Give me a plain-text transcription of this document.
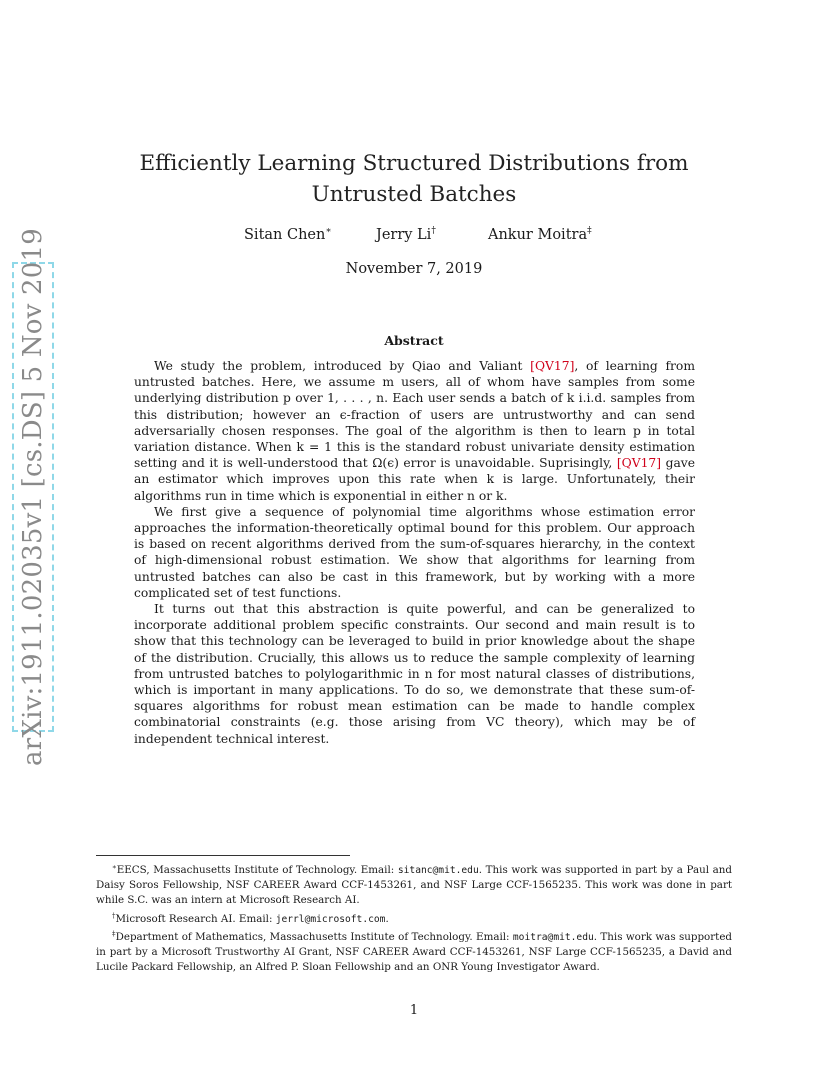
arXiv:1911.02035v1 [cs.DS] 5 Nov 2019
Efficiently Learning Structured Distributions from Untrusted Batches
Sitan Chen∗	Jerry Li†	Ankur Moitra‡
November 7, 2019
Abstract

We study the problem, introduced by Qiao and Valiant [QV17], of learning from untrusted batches. Here, we assume m users, all of whom have samples from some underlying distribution p over 1, . . . , n. Each user sends a batch of k i.i.d. samples from this distribution; however an ϵ-fraction of users are untrustworthy and can send adversarially chosen responses. The goal of the algorithm is then to learn p in total variation distance. When k = 1 this is the standard robust univariate density estimation setting and it is well-understood that Ω(ϵ) error is unavoidable. Suprisingly, [QV17] gave an estimator which improves upon this rate when k is large. Unfortunately, their algorithms run in time which is exponential in either n or k.

We first give a sequence of polynomial time algorithms whose estimation error approaches the information-theoretically optimal bound for this problem. Our approach is based on recent algorithms derived from the sum-of-squares hierarchy, in the context of high-dimensional robust estimation. We show that algorithms for learning from untrusted batches can also be cast in this framework, but by working with a more complicated set of test functions.

It turns out that this abstraction is quite powerful, and can be generalized to incorporate additional problem specific constraints. Our second and main result is to show that this technology can be leveraged to build in prior knowledge about the shape of the distribution. Crucially, this allows us to reduce the sample complexity of learning from untrusted batches to polylogarithmic in n for most natural classes of distributions, which is important in many applications. To do so, we demonstrate that these sum-of-squares algorithms for robust mean estimation can be made to handle complex combinatorial constraints (e.g. those arising from VC theory), which may be of independent technical interest.

∗EECS, Massachusetts Institute of Technology. Email: sitanc@mit.edu. This work was supported in part by a Paul and Daisy Soros Fellowship, NSF CAREER Award CCF-1453261, and NSF Large CCF-1565235. This work was done in part while S.C. was an intern at Microsoft Research AI.

†Microsoft Research AI. Email: jerrl@microsoft.com.

‡Department of Mathematics, Massachusetts Institute of Technology. Email: moitra@mit.edu. This work was supported in part by a Microsoft Trustworthy AI Grant, NSF CAREER Award CCF-1453261, NSF Large CCF-1565235, a David and Lucile Packard Fellowship, an Alfred P. Sloan Fellowship and an ONR Young Investigator Award.

1
